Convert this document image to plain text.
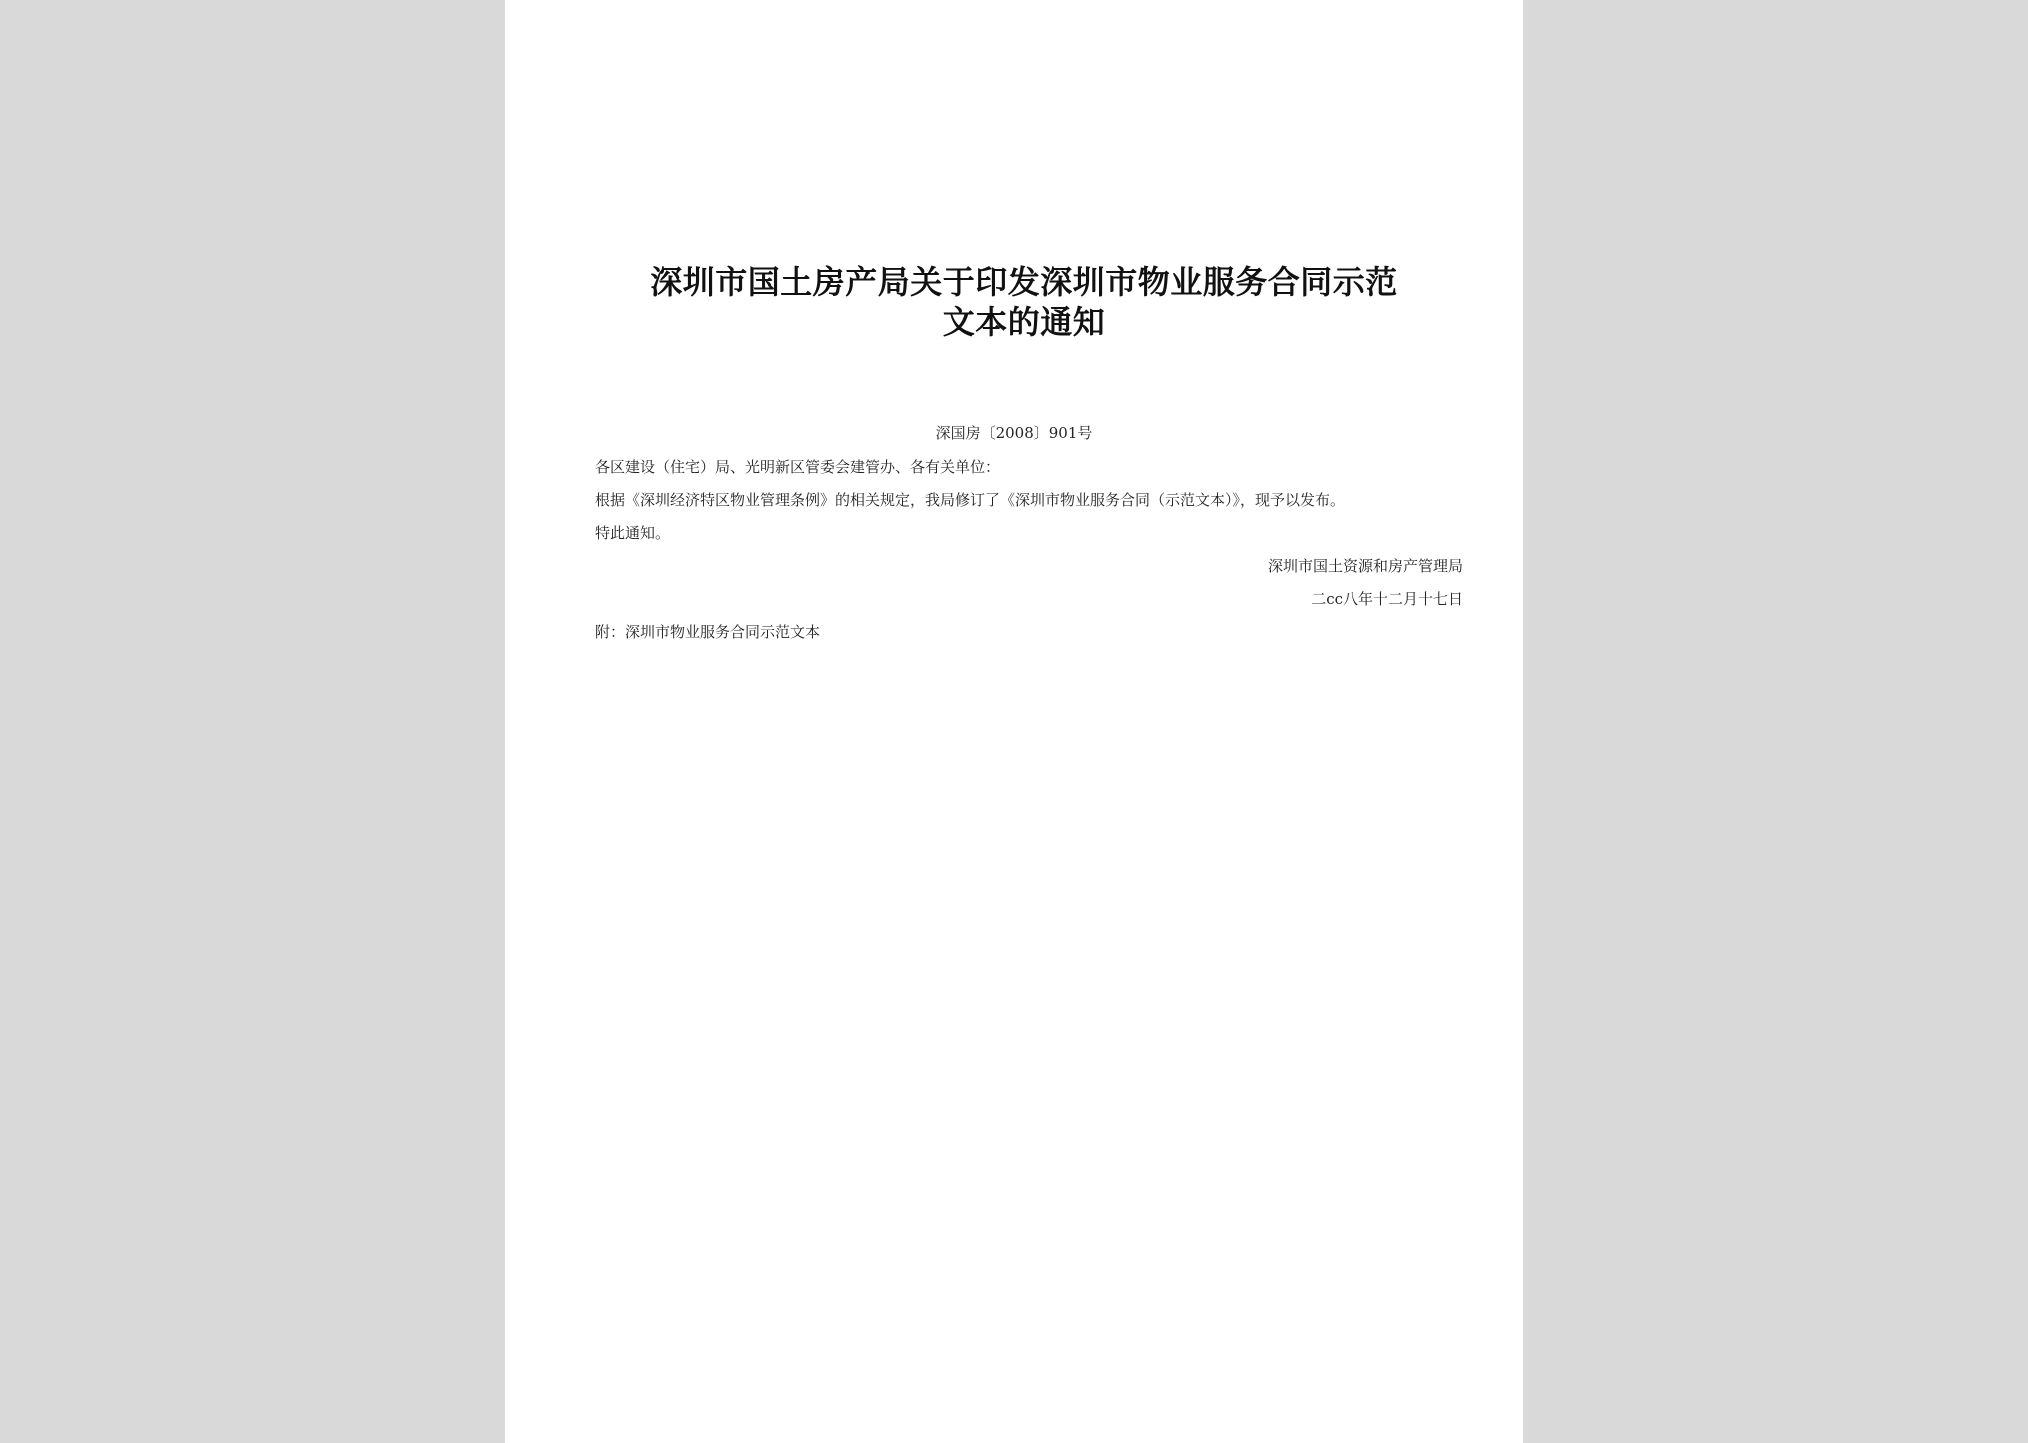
深圳市国土房产局关于印发深圳市物业服务合同示范
文本的通知
深国房〔2008〕901号
各区建设（住宅）局、光明新区管委会建管办、各有关单位：
根据《深圳经济特区物业管理条例》的相关规定，我局修订了《深圳市物业服务合同（示范文本）》，现予以发布。
特此通知。
深圳市国土资源和房产管理局
二cc八年十二月十七日
附：深圳市物业服务合同示范文本
